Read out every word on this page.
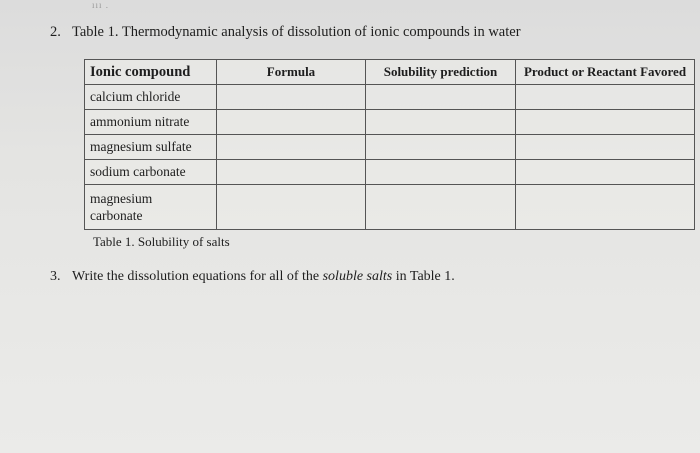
ııı .
2. Table 1. Thermodynamic analysis of dissolution of ionic compounds in water
Ionic compound	Formula	Solubility prediction	Product or Reactant Favored
calcium chloride			
ammonium nitrate			
magnesium sulfate			
sodium carbonate			
magnesium
carbonate			
Table 1. Solubility of salts
3. Write the dissolution equations for all of the soluble salts in Table 1.
